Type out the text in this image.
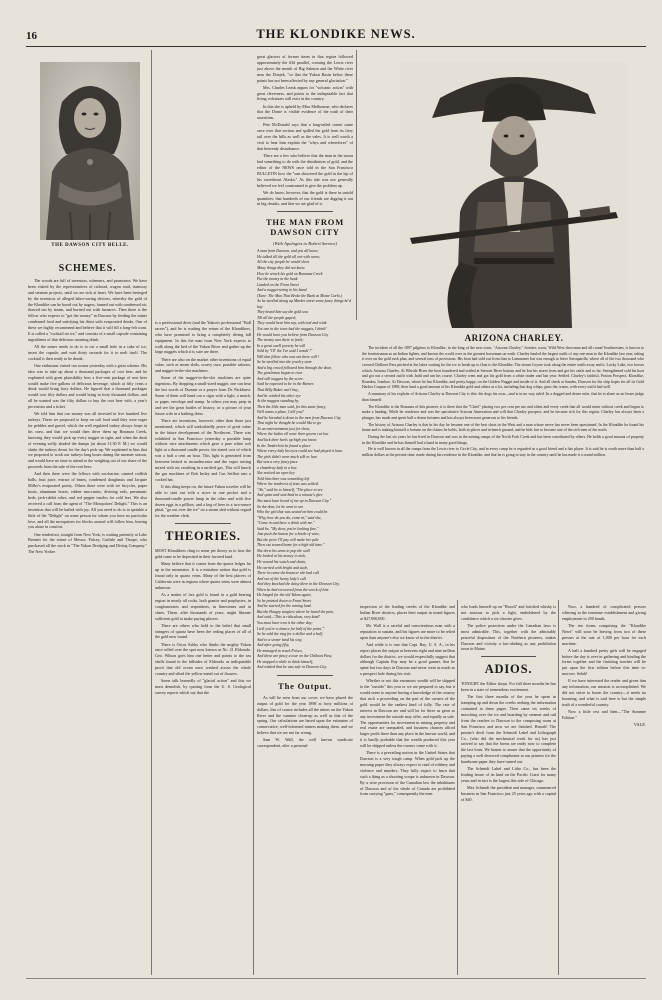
16	THE KLONDIKE NEWS.
THE DAWSON CITY BELLE.
ARIZONA CHARLEY.
SCHEMES.

The woods are full of inventors, schemers, and promoters. We have been visited by the representatives of railroad, wagon road, tramway and steamer projects, until we are sick at heart. We have been besieged by the inventors of alleged labor-saving devices, whereby the gold of the Klondike can be bored out by augers, fanned out with condensed air, thawed out by steam, and burned out with furnaces. Then there is the fellow who expects to "get the money" in Dawson by feeding the miner condensed food and satisfying his thirst with evaporated drinks. One of these we highly recommend and believe that it will fill a long-felt want. It is called a "cocktail on ice," and consists of a small capsule containing ingredients of that delicious morning drink.

All the miner needs to do is to cut a small hole in a cake of ice, insert the capsule, and wait thirty seconds for it to melt itself. The cocktail is then ready to be drunk.

One enthusiast visited our rooms yesterday with a great scheme. His idea was to take up about a thousand packages of root beer, and he explained with great plausibility how a five-cent package of root beer would make five gallons of delicious beverage, which at fifty cents a drink would bring forty dollars. He figured that a thousand packages would cost fifty dollars and would bring in forty thousand dollars, and all he wanted was the fifty dollars to buy the root beer with, a year's provisions and a ticket.

We told him that our money was all invested in five hundred live turkeys. These we proposed to keep on soft food until they were eager for pebbles and gravel, which the well regulated turkey always loops in his craw, and that we would then drive them up Bonanza Creek, knowing they would pick up every nugget in sight, and when the dusk of evening softly shaded the dumps (at about 11:30 P. M.) we would shake the turkeys down for the day's pick-up. We explained to him that we proposed to work our turkeys long hours during the summer season, and would have no time to attend to the weighing out of our share of the proceeds from the sale of the root beer.

And then there were the fellows with saccharine, canned codfish balls, fruit juice, extract of beans, condensed doughnuts and Jacquie Miller's evaporated poetry. Others there were with ice bicycles, paper boats, aluminum boxes, rubber moccasins, divining rods, pneumatic beds, jack-rabbit robes, and red pepper insoles for cold feet. We also received a call from the agent of "The Mosquitoes' Delight." This is an invention that will be hailed with joy. All you need to do is to sprinkle a little of the "Delight" on some person for whom you have no particular love, and all the mosquitoes for blocks around will follow him, leaving you alone in comfort.

One tenderfoot, straight from New York, is waiting patiently at Lake Bennett for the return of Messrs. Pulcey, Carlisle and Thorpe, who purchased all the stock in "The Yukon Dredging and Diving Company." The New Yorker

is a professional diver (and the Yukon's professional "Bull racers"), and he is waiting the return of the Klondikers, who have promised to bring a completely diving fall equipment. In this the man from New York expects to walk along the bed of the Yukon River and gather up the large nuggets which it is sure are there.

There are also on the market other inventions of equal value, such as steam sleds, scurvy cure, portable saloons, and nugget-in-the-slot machines.

Some of the nugget-in-the-slot machines are quite ingenious. By dropping a small-sized nugget, one can hear the last words of Durrant or a prayer from Dr. Parkhurst. Some of them will hand out a cigar with a light, a match, or paper, envelope and stamp. In others you may peep in and see the great battles of history, or a picture of your future wife in a bathing dress.

There are inventions, however, other than those just mentioned, which will undoubtedly prove of great value in the future development of the Northwest. There was exhibited in San Francisco yesterday a portable lamp without wire attachments which gave a pure white soft light at a thousand candle power, the stated cost of which was a half a cent an hour. This light is generated from kerosene heated to incandescence and the vapor arising mixed with air, resulting in a rarified gas. This will knock the gas machines of Bob Insley and Gus Seilfert into a cocked hat.

If this thing keeps on, the future Yukon traveler will be able to start out with a stove in one pocket and a thousand-candle power lamp in the other and with five dozen eggs in a pillbox, and a keg of beer in a two-ounce phial, "go out over the ice" on a steam sled without regard for the weather clerk.

THEORIES.

MOST Klondikers cling to some pet theory as to how the gold came to be deposited in their favored land.

Many believe that it comes from the quartz ledges far up in the mountains. It is a mistaken notion that gold is found only in quartz veins. Many of the best placers of California were in regions where quartz veins were almost unknown.

As a matter of fact gold is found in a gold bearing region in nearly all rocks, both granite and porphyries, in conglomerates and serpentines, in limestones and in slates. These, after thousands of years, might liberate sufficient gold to make paying placers.

There are others who hold to the belief that small stringers of quartz have been the ceding places of all of the gold now found.

There is Oscar Ashby who thinks the mighty Yukon once rolled over the spot now known as No. 21 Eldorado. Geo. Wilson goes him one better and points to the sea shells found in the hillsides of Eldorado as indisputable proof that old ocean once washed across the whole country and silted the yellow metal out of fissures.

Some talk learnedly of "glacial action" and this we must demolish, by quoting from the U. S. Geological survey reports which say that the

great glaciers of former times in that region followed approximately the 63d parallel, crossing the Lewis river just above the mouth of Big Salmon and the White river near the Donjek, "so that the Yukon Basin below these points has not been affected by any general glaciation."

Mrs. Charles Leask argues for "volcanic action" with great cleverness, and points to the indisputable fact that living volcanoes still exist in the country.

In this she is upheld by Miss Melbourne, who declares that the Dome is visible evidence of the truth of their assertions.

Pete McDonald says that a long-tailed comet came once over that section and spilled the gold from its fiery tail over the hills as well as the vales. It is well worth a visit to hear him explain the "whys and wherefores" of that heavenly disturbance.

There are a few who believe that the man in the moon had something to do with the distribution of gold, and the editor of the NEWS once told in the San Francisco BULLETIN how the "sun showered the gold in the lap of his sweetheart Alaska." As this tale was not generally believed we feel constrained to give the problem up.

We do know, however, that the gold is there in untold quantities; that hundreds of our friends are digging it out in big chunks, and that we are glad of it.

THE MAN FROM DAWSON CITY
(With Apologies to Robert Service)

A man from Dawson, and you all know;

He talked till the gold all wet with snow;

All the city people he would show

Many things they did not know

How he struck his gold on Bonanza Creek

Put the money in the bank

Landed on the Front Street

And a nugget-string in his hand.

(Tune: The Man That Broke the Bank at Monte Carlo.)

As he strolled along up Market street some fancy things he'd buy

They heard him say the gold was

Till all the people gaped;

They would hear him say, with nod and wink

Not one in the town had the nuggets, I think!

He would have you believe from Dawson City

The money was there to fetch;

In a great swell poverty he will

Sold by "Ol' the I've said I would !"

Will that fellow who was out there will !

So he strolled into the jewelry store

And a big crowd followed him through the door,

The gentleman began to roar

And still nuggets by the score.

Said he expected to be in the Beaver.

That Billy Baker can't buy,

And he winked his other eye

At the nuggets standing by.

Then the little man said, for this same fancy,

Well wants a place, I tell you?

And he breaded it down to the men from Dawson City.

That night he thought he would like to go

To an entertainment just for show,

Where the ladies all wear their gowns cut low

And kick their heels up high you know.

In the Tenderloin he found a place

Where every lady his eyes could see had played it base.

The girls didn't wear much silk or lace

But sets a very fancy pace.

a chambray lady in a box

She noticed an open key

Told him there was something left

Where the tenderest of tests was settled.

"Ah," said he to himself, "The place to see

And spent and sent kind in a minute's glee

She must have heard of me up in Dawson City."

So the dear, lot he went to see

Who the girl that was seated on him could be.

"Why, how do you do, come in," said she,

"Come in and have a drink with me."

Said he, "My dear, you're looking fine,"

Just push the button for a bottle of wine,

But the price I'll pay will make her pale

Then out toward home for a high old time."

She drew his arms to pop the wall

He looked at his money it cash,

He wound his watch and chain,

He carried with bright and stale,

Then--in came the bouncer she had call

And out of the heavy lady's call

And they knocked the daisy there in the Dawson City.

When he had recovered from the wreck of him

He longed for the old Yukon again,

So he pointed down to Front Street

And he started for the mining land.

But the Hungry tanglers where he heard the pain,

And said—'This is ridiculous, very kind!

You must have won it the other day;

I tell you're a chance for half of the point.'"

So he sold the ring for a dollar and a half,

And to a stoner land his way,

And after going fifty,

He managed to reach Frisco,

And these are fancy a tour on the Chilkoot Pass,

He stopped a while to think himself,

And wished that he was safe in Dawson City.

The Output.

As will be seen from our cover, we have placed the output of gold for the year 1898 at forty millions of dollars, this of course includes all the mines on the Yukon River and the summer clean-up as well as that of the spring. Our calculations are based upon the estimates of conservative, well-informed miners making them, and we believe that we are not far wrong.

Sam W. Wall, the well known syndicate correspondent, after a personal

The incident of all the 1897 pilgrims to Klondike, in the king of the new town, "Arizona Charley," frontier, scout, Wild West showman and all round Southwesten, is known to the frontiersman as an Indian fighter, and known the world over as the greatest horseman on earth. Charley hauled the largest outfit of any one man to the Klondike last year, taking it over on the gold rush plan, and several tons of provisions. His boat had sold out from him to Lamasaner but was enough to leave Sarsaparilla, where all of the two thousand who crossed Chilkoot Pass pitched at the lakes waiting for the ice to break up to float to the Klondike. The steam Coyote took along the entire outfit away and it. Lucky Lake, two horses which. Arizona Charley. At Whistle River the boat foundered and settled at Stewart River bottom and he lost his stores from and got his cattle and so far. Strengthened sold his boat and got out a second outfit with Judd and ran his course. Charley went and got his gold from a white trader and last year. Settled. Charley's faithful, Paxton Prospect, Klondike, Brandon, Ivanhoe. At Dawson, where he has Klondike, and pretty happy, on the Golden Nugget and inside of it. And all sheds at Sandes, Dawson for the ship hopes for all its Gold Harbor Coupon of 1898, then fund a good amount of his Klondike gold and others at a lot, including that dog whips, guns the, trains, with every outfit had well.

A summary of his exploits of Arizona Charley at Dawson City is this: the dogs his own—and is in no way ruled. In a dogged and dense ruler, that he is alone as no lesser judge than himself.

The Klondike is the Bonanza of this pioneer; it is there that the "Chief" placing two per cent per mo and silent and every creek that all would mine without creek and began to make a landing. While he residence and was the speculative Arizona Annexation and will that Charley prospect, and he became rich for this region. Charley has always been a plunger, has made and spent half a dozen fortunes and has always been most generous to his friends.

The history of Arizona Charley is that in his day he became one of the best shots in the West and a man whose nerve has never been questioned. In the Klondike he found his home and is making himself a fortune on the claims he holds, both in placer and in bench ground, and he bids fair to become one of the rich men of the north.

During the last six years he has lived in Dawson and was in the mining camps of the North Fork Creek and has been contributed by others. He holds a good amount of property in the Klondike and he has himself had a hand in many good things.

He is well known in all the camps from the Lewis river to Circle City, and in every camp he is regarded as a good friend and a fair player. It is said he is worth more than half a million dollars at the present time, made during his residence in the Klondike, and that he is going to stay in the country until he has made it a round million.

inspection of the leading creeks of the Klondike and Indian River districts, places their output in round figures at $27,000,000.

Mr. Wall is a careful and conscientious man with a reputation to sustain, and his figures are more to be relied upon than anyone's else we know of in the district.

And while it is true that Capt. Ray, U. S. A., in his report places the output at between eight and nine million dollars for the district, we would respectfully suggest that although Captain Ray may be a good gunner, that he spent but two days in Dawson and never went as much as a prospect hole during his visit.

Whether or not this enormous wealth will be shipped to the "outside" this year or we are prepared to say, but it would seem to anyone having a knowledge of the country that such a proceeding on the part of the owners of the gold would be the rankest kind of folly. The rate of interest in Dawson are and will be for three as great as any investment the outside may offer, and equally as safe. The opportunities for investment in mining property and real estate are unequaled, and business chances afford larger profit there than any place in the known world, and it is hardly probable that the wealth produced this year will be shipped unless the owners come with it.

There is a prevailing notion in the United States that Dawson is a very tough camp. When gold pick up the morning paper they always expect to read of robbery and violence and murders. They fully expect to learn that such a thing as a shooting scrape is unknown in Dawson. By a wise provision of the Canadian law the inhabitants of Dawson and of the whole of Canada are prohibited from carrying "guns," consequently the men

who loads himself up on "Hooch" and fortified whisky is not anxious to pick a fight, emboldened by the confidence which a six-shooter gives.

The police protection under the Canadian laws is most admirable. This, together with the admirably peaceful disposition of the Northern pioneers, makes Dawson and vicinity a law-abiding as any prohibition town in Maine.

ADIOS.

TONIGHT the Editor shops. For full three months he has been in a state of tremendous excitement.

The first three months of the year he spent in tramping up and down the creeks seeking the information contained in these pages. Then came six weeks of mooching over the ice and boarding by steamer and rail from the reaches to Dawson to the composing room at San Francisco and now we are finished. Hurrah! The printer's devil from the Schmidt Label and Lithograph Co., (who did the mechanical work for us) has just arrived to say that the forms are ready now to complete the last form. We hasten to assure that the opportunity of paying a well deserved compliment to our printers for the handsome paper they have turned out.

The Schmidt Label and Litho Co., has been the leading house of its kind on the Pacific Coast for many years and in fact is the largest this side of Chicago.

Max Schmidt the president and manager, commenced business in San Francisco just 25 years ago with a capital of $40.

Now, a hundred of complicated presses whirring in the immense establishment and giving employment to 250 hands.

The ten forms comprising the "Klondike News" will soon be leaving from two of these presses at the rate of 1,000 per hour for each machine.

A half a hundred pretty girls will be engaged before the day is over in gathering and binding the forms together and the finishing touches will be put upon the first edition before this time to-morrow. Selah!

If we have interested the reader and given him any information, our mission is accomplished. We did not strive to boom the country—it needs no booming, and what is said here is but the simple truth of a wonderful country.

Now a little rest and then—"The Summer Edition."

VALE.
